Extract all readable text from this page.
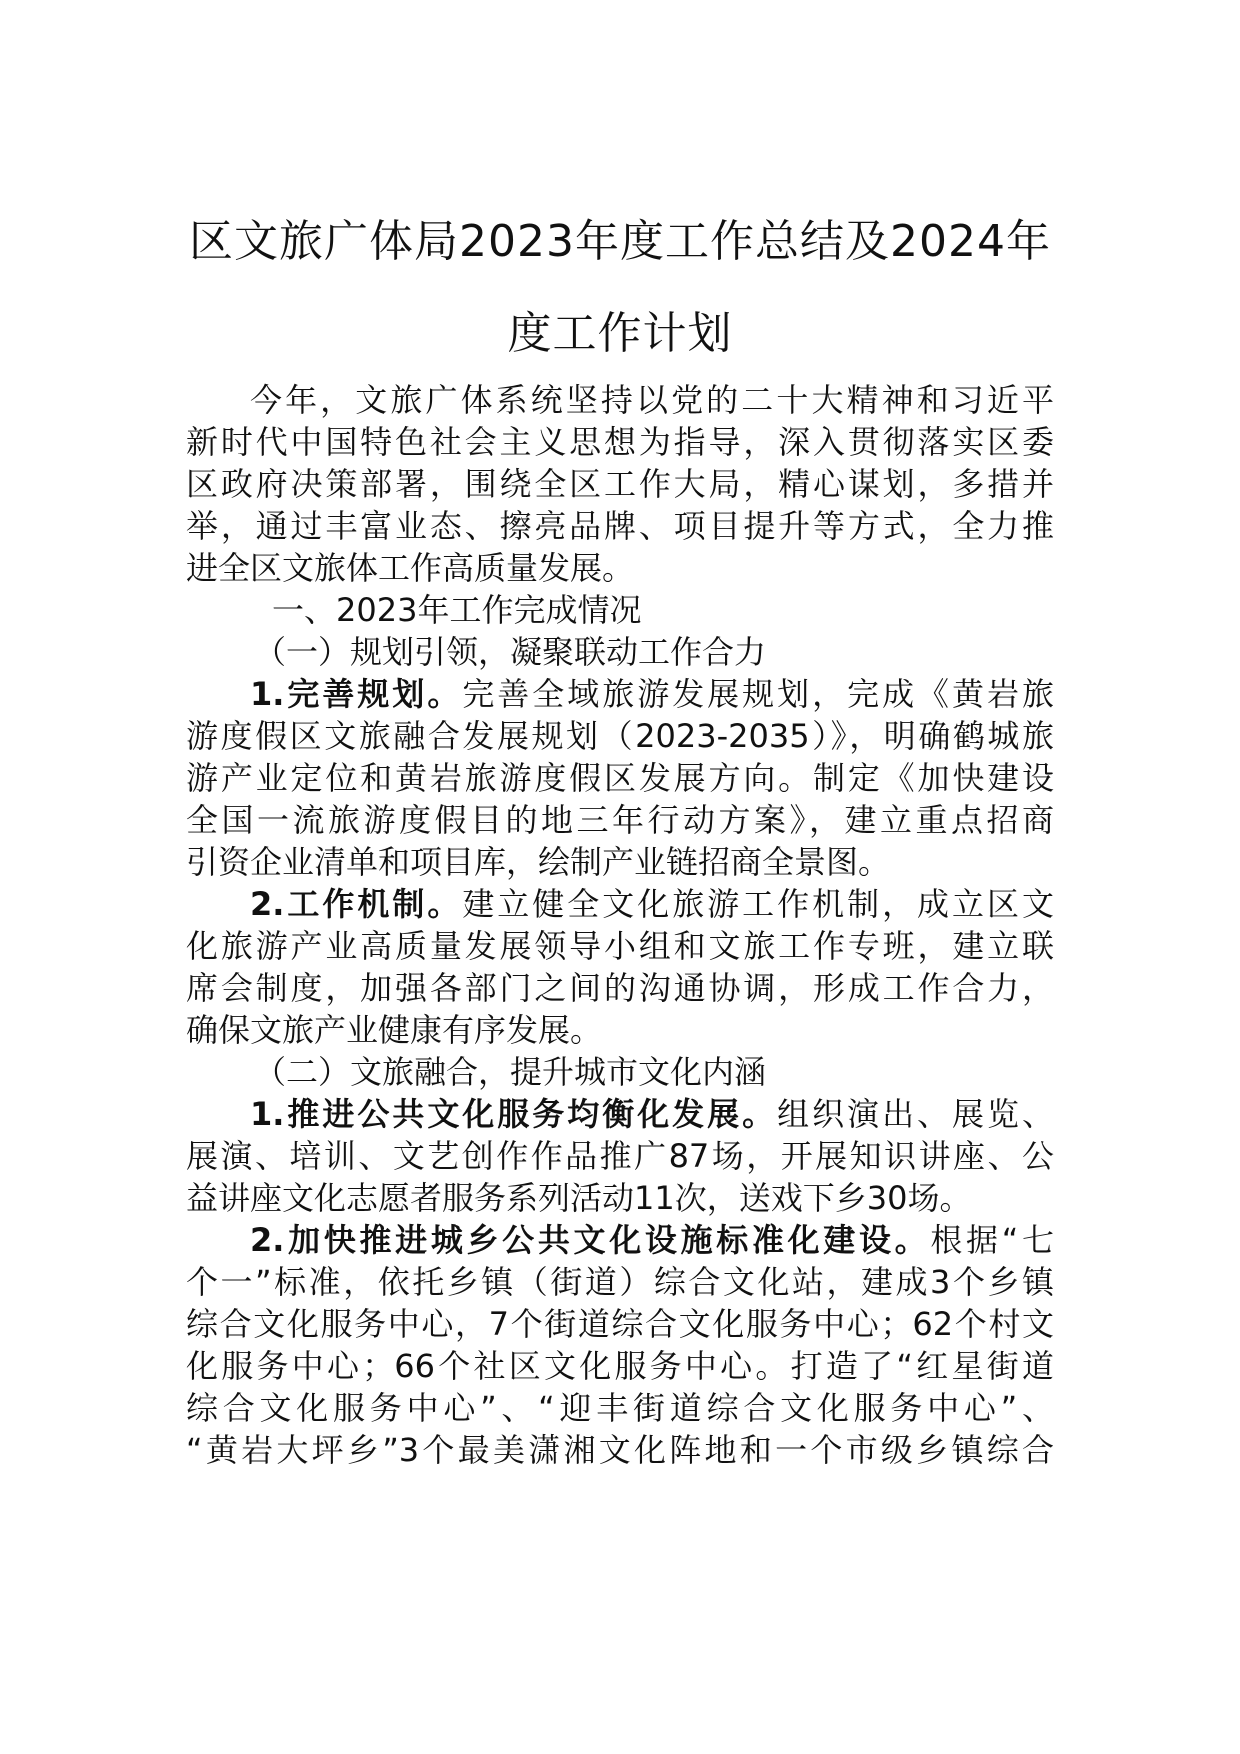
区文旅广体局2023年度工作总结及2024年
度工作计划
今年，文旅广体系统坚持以党的二十大精神和习近平
新时代中国特色社会主义思想为指导，深入贯彻落实区委
区政府决策部署，围绕全区工作大局，精心谋划，多措并
举，通过丰富业态、擦亮品牌、项目提升等方式，全力推
进全区文旅体工作高质量发展。
一、2023年工作完成情况
（一）规划引领，凝聚联动工作合力
1.完善规划。完善全域旅游发展规划，完成《黄岩旅
游度假区文旅融合发展规划（2023-2035）》，明确鹤城旅
游产业定位和黄岩旅游度假区发展方向。制定《加快建设
全国一流旅游度假目的地三年行动方案》，建立重点招商
引资企业清单和项目库，绘制产业链招商全景图。
2.工作机制。建立健全文化旅游工作机制，成立区文
化旅游产业高质量发展领导小组和文旅工作专班，建立联
席会制度，加强各部门之间的沟通协调，形成工作合力，
确保文旅产业健康有序发展。
（二）文旅融合，提升城市文化内涵
1.推进公共文化服务均衡化发展。组织演出、展览、
展演、培训、文艺创作作品推广87场，开展知识讲座、公
益讲座文化志愿者服务系列活动11次，送戏下乡30场。
2.加快推进城乡公共文化设施标准化建设。根据“七
个一”标准，依托乡镇（街道）综合文化站，建成3个乡镇
综合文化服务中心，7个街道综合文化服务中心；62个村文
化服务中心；66个社区文化服务中心。打造了“红星街道
综合文化服务中心”、“迎丰街道综合文化服务中心”、
“黄岩大坪乡”3个最美潇湘文化阵地和一个市级乡镇综合
